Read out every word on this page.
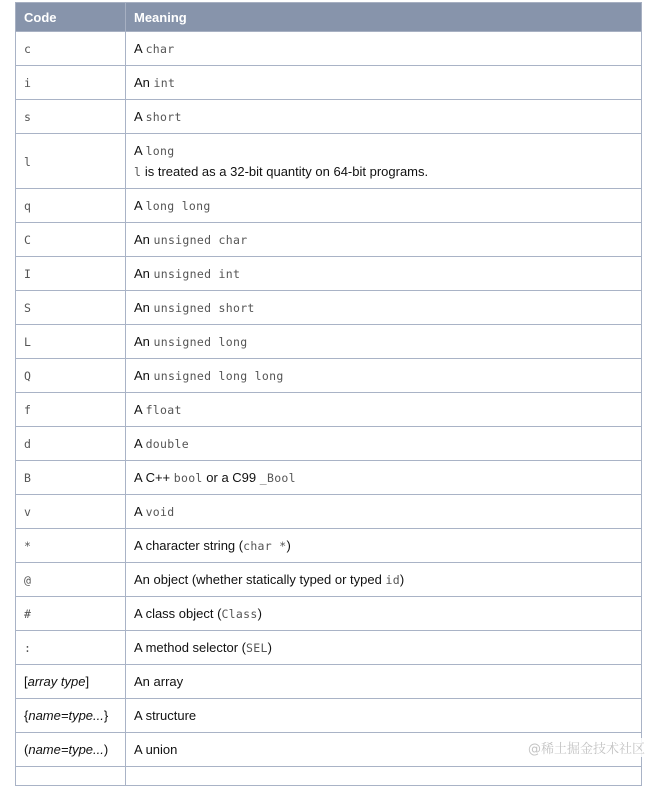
Code	Meaning
c	A char
i	An int
s	A short
l	A long
l is treated as a 32-bit quantity on 64-bit programs.

q	A long long
C	An unsigned char
I	An unsigned int
S	An unsigned short
L	An unsigned long
Q	An unsigned long long
f	A float
d	A double
B	A C++ bool or a C99 _Bool
v	A void
*	A character string (char *)
@	An object (whether statically typed or typed id)
#	A class object (Class)
:	A method selector (SEL)
[array type]	An array
{name=type...}	A structure
(name=type...)	A union
		@稀土掘金技术社区
